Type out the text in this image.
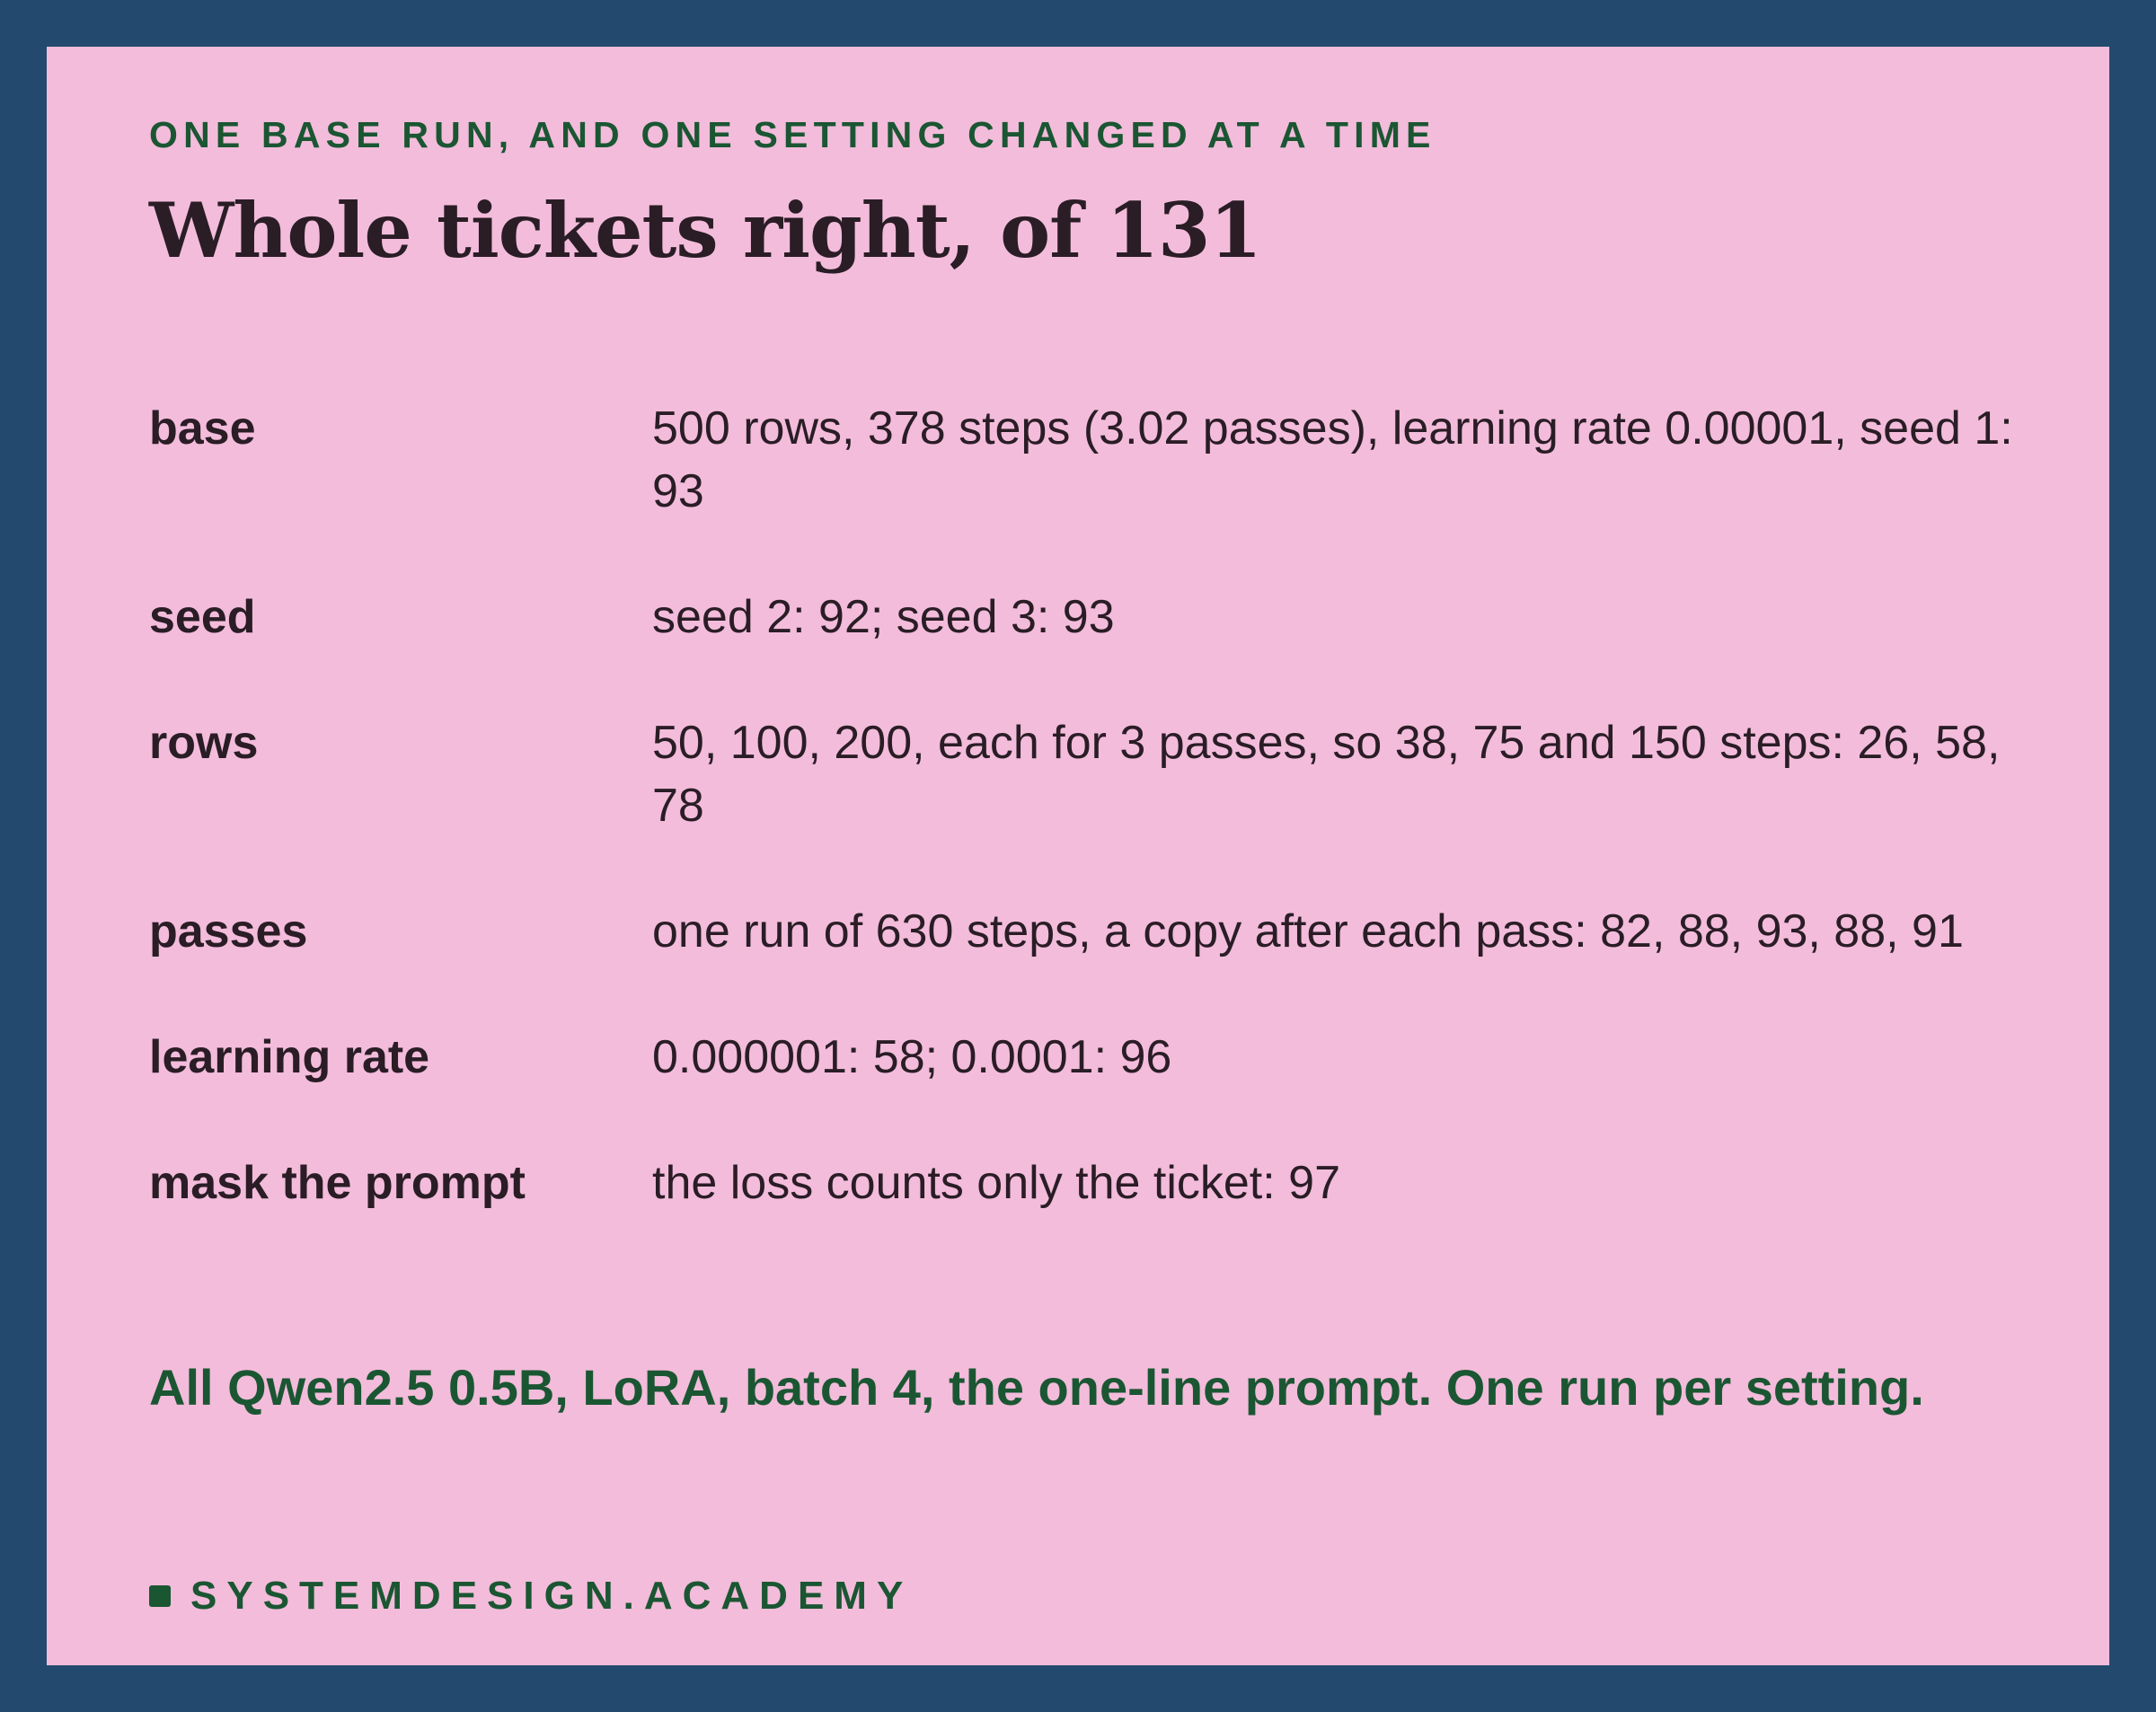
ONE BASE RUN, AND ONE SETTING CHANGED AT A TIME
Whole tickets right, of 131
base	500 rows, 378 steps (3.02 passes), learning rate 0.00001, seed 1: 93
seed	seed 2: 92; seed 3: 93
rows	50, 100, 200, each for 3 passes, so 38, 75 and 150 steps: 26, 58, 78
passes	one run of 630 steps, a copy after each pass: 82, 88, 93, 88, 91
learning rate	0.000001: 58; 0.0001: 96
mask the prompt	the loss counts only the ticket: 97
All Qwen2.5 0.5B, LoRA, batch 4, the one-line prompt. One run per setting.
SYSTEMDESIGN.ACADEMY
